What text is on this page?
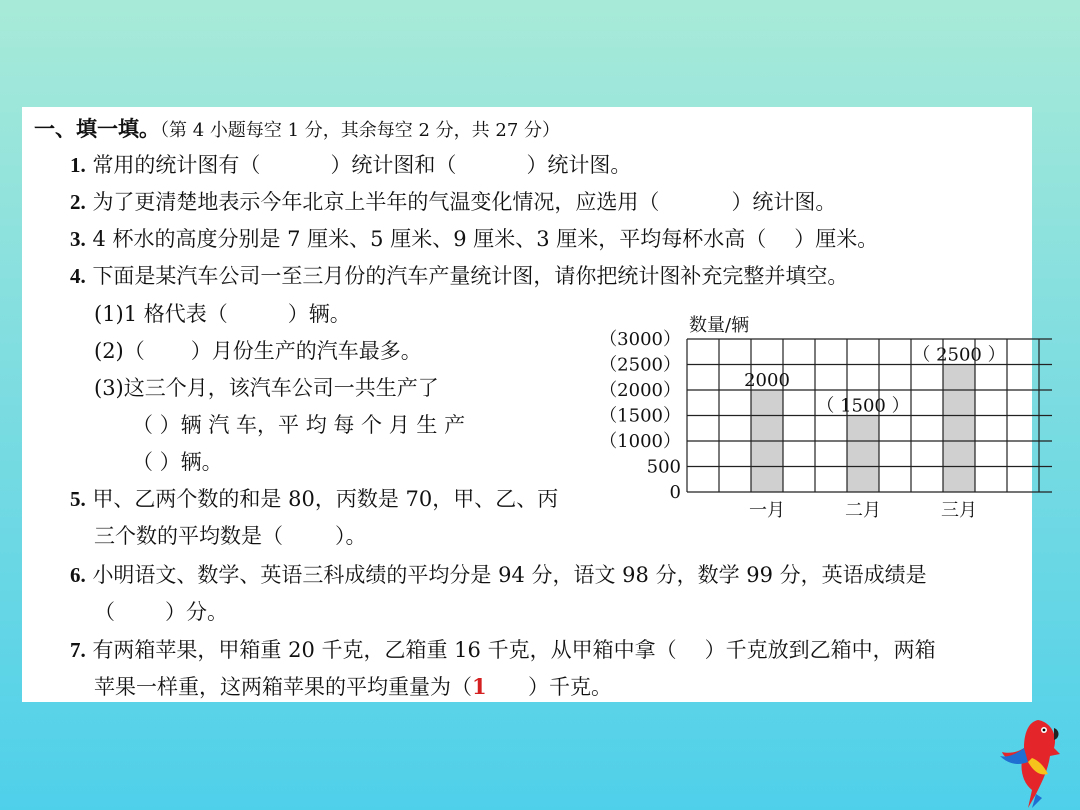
一、填一填。（第 4 小题每空 1 分，其余每空 2 分，共 27 分）
1. 常用的统计图有（	）统计图和（	）统计图。
2. 为了更清楚地表示今年北京上半年的气温变化情况，应选用（	）统计图。
3. 4 杯水的高度分别是 7 厘米、5 厘米、9 厘米、3 厘米，平均每杯水高（ ）厘米。
4. 下面是某汽车公司一至三月份的汽车产量统计图，请你把统计图补充完整并填空。
(1)1 格代表（	）辆。
(2)（ ）月份生产的汽车最多。
(3)这三个月，该汽车公司一共生产了
（ ）辆 汽 车，平 均 每 个 月 生 产
（ ）辆。
5. 甲、乙两个数的和是 80，丙数是 70，甲、乙、丙
三个数的平均数是（ ）。
6. 小明语文、数学、英语三科成绩的平均分是 94 分，语文 98 分，数学 99 分，英语成绩是
（ ）分。
7. 有两箱苹果，甲箱重 20 千克，乙箱重 16 千克，从甲箱中拿（ ）千克放到乙箱中，两箱
苹果一样重，这两箱苹果的平均重量为（1 ）千克。
0
500
（1000）
（1500）
（2000）
（2500）
（3000）
数量/辆
一月	二月	三月
2000
（ 1500 ）
（ 2500 ）
